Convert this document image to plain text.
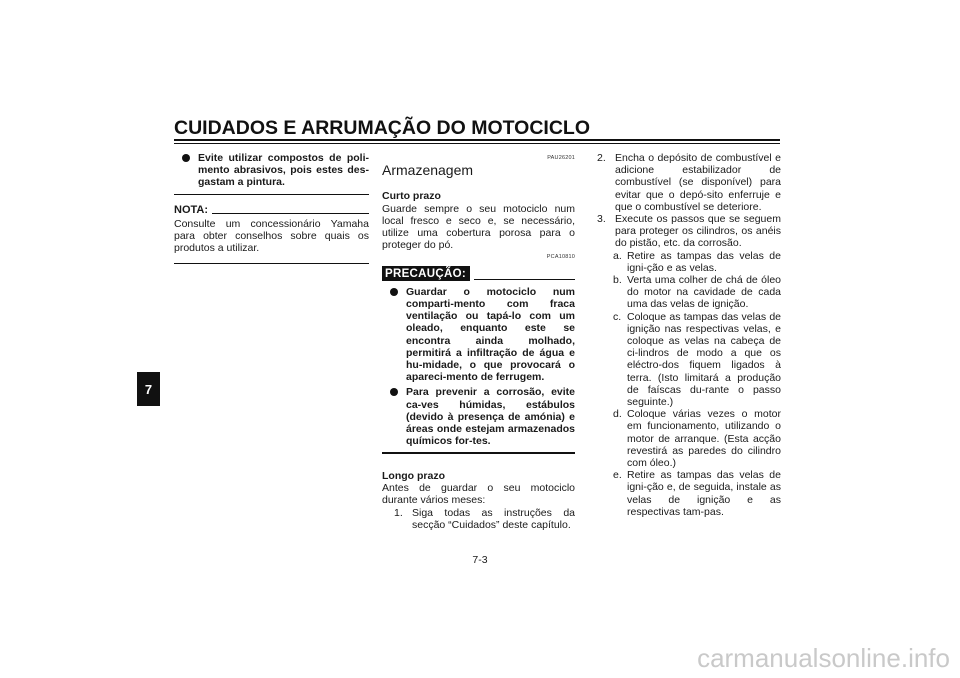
CUIDADOS E ARRUMAÇÃO DO MOTOCICLO
7
Evite utilizar compostos de poli-mento abrasivos, pois estes des-gastam a pintura.
NOTA:
Consulte um concessionário Yamaha para obter conselhos sobre quais os produtos a utilizar.
PAU26201
Armazenagem
Curto prazo
Guarde sempre o seu motociclo num local fresco e seco e, se necessário, utilize uma cobertura porosa para o proteger do pó.
PCA10810
PRECAUÇÃO:
Guardar o motociclo num comparti-mento com fraca ventilação ou tapá-lo com um oleado, enquanto este se encontra ainda molhado, permitirá a infiltração de água e hu-midade, o que provocará o apareci-mento de ferrugem.
Para prevenir a corrosão, evite ca-ves húmidas, estábulos (devido à presença de amónia) e áreas onde estejam armazenados químicos for-tes.
Longo prazo
Antes de guardar o seu motociclo durante vários meses:
1. Siga todas as instruções da secção “Cuidados” deste capítulo.
2. Encha o depósito de combustível e adicione estabilizador de combustível (se disponível) para evitar que o depó-sito enferruje e que o combustível se deteriore.
3. Execute os passos que se seguem para proteger os cilindros, os anéis do pistão, etc. da corrosão.
a. Retire as tampas das velas de igni-ção e as velas.
b. Verta uma colher de chá de óleo do motor na cavidade de cada uma das velas de ignição.
c. Coloque as tampas das velas de ignição nas respectivas velas, e coloque as velas na cabeça de ci-lindros de modo a que os eléctro-dos fiquem ligados à terra. (Isto limitará a produção de faíscas du-rante o passo seguinte.)
d. Coloque várias vezes o motor em funcionamento, utilizando o motor de arranque. (Esta acção revestirá as paredes do cilindro com óleo.)
e. Retire as tampas das velas de igni-ção e, de seguida, instale as velas de ignição e as respectivas tam-pas.
7-3
carmanualsonline.info
